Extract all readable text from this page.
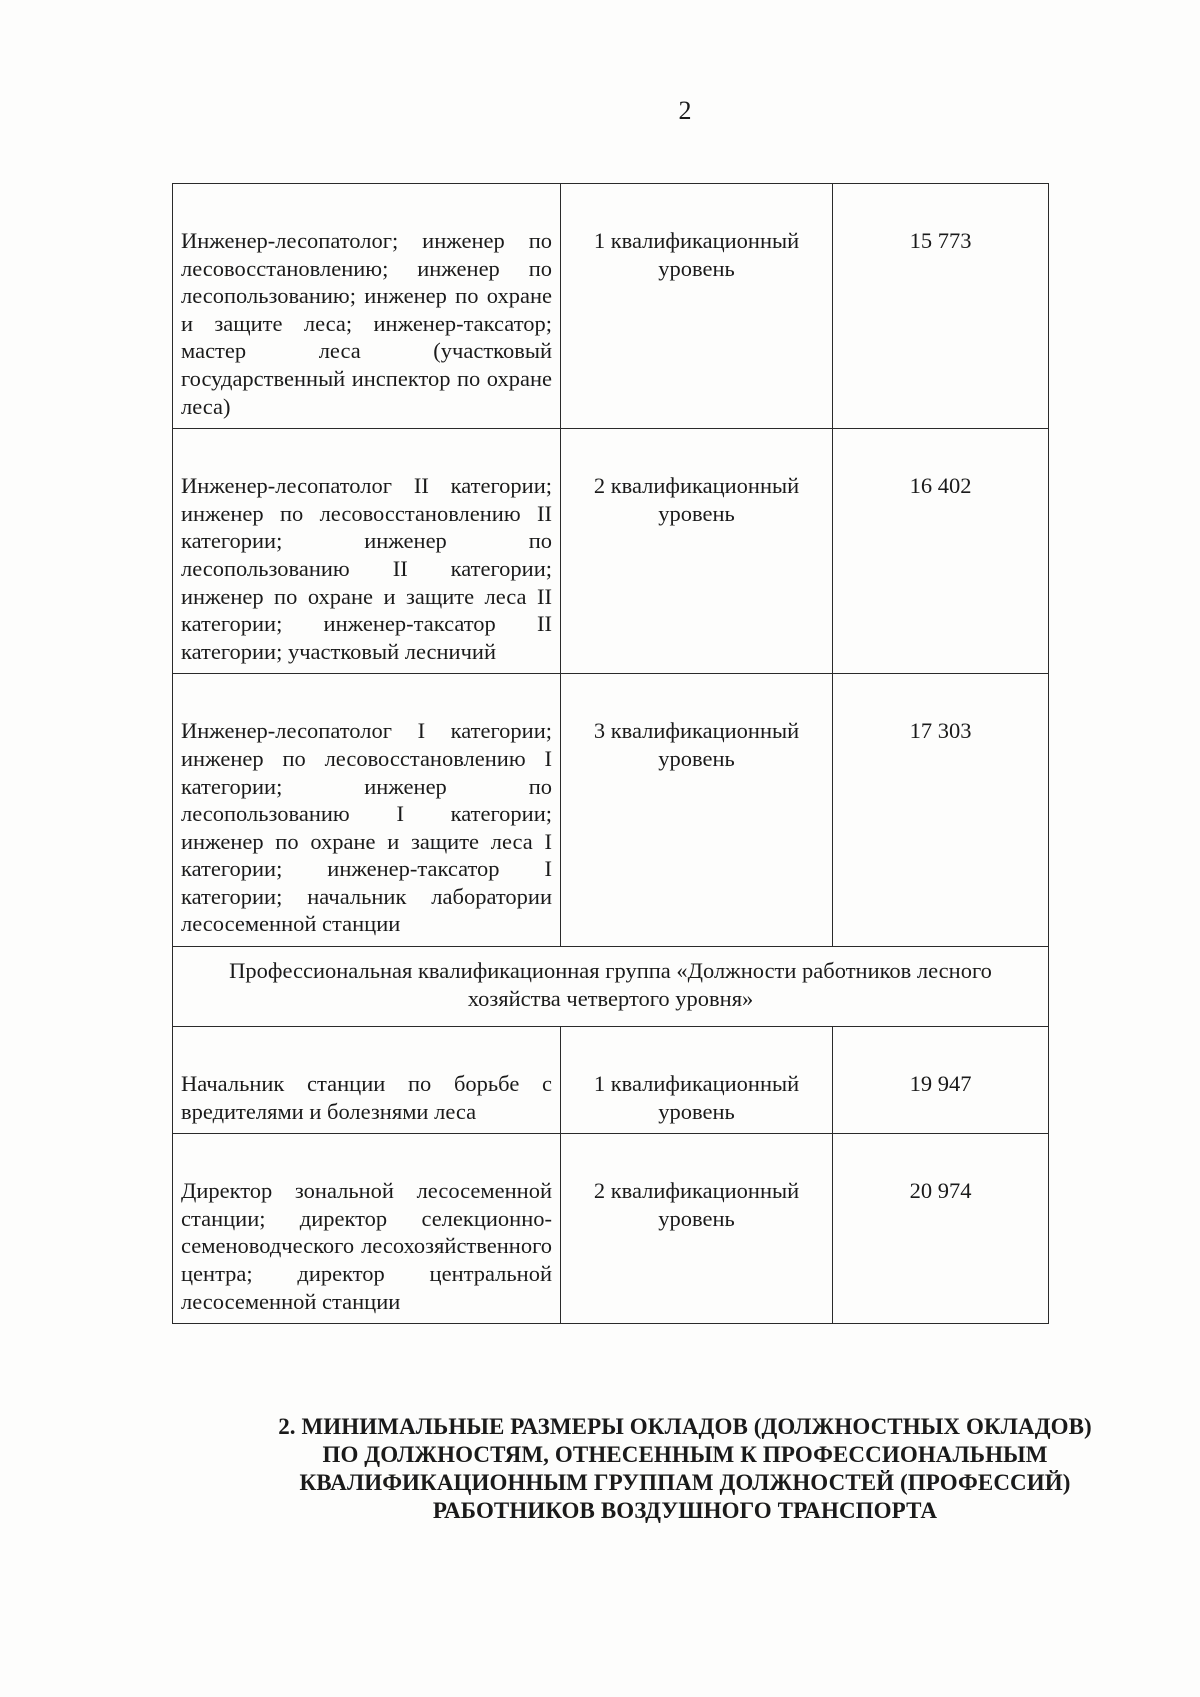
2
Инженер-лесопатолог; инженер по лесовосстановлению; инженер по лесопользованию; инженер по охране и защите леса; инженер-таксатор; мастер леса (участковый государственный инспектор по охране леса)	1 квалификационный уровень	15 773
Инженер-лесопатолог II категории; инженер по лесовосстановлению II категории; инженер по лесопользованию II категории; инженер по охране и защите леса II категории; инженер-таксатор II категории; участковый лесничий	2 квалификационный уровень	16 402
Инженер-лесопатолог I категории; инженер по лесовосстановлению I категории; инженер по лесопользованию I категории; инженер по охране и защите леса I категории; инженер-таксатор I категории; начальник лаборатории лесосеменной станции	3 квалификационный уровень	17 303
Профессиональная квалификационная группа «Должности работников лесного хозяйства четвертого уровня»		
Начальник станции по борьбе с вредителями и болезнями леса	1 квалификационный уровень	19 947
Директор зональной лесосеменной станции; директор селекционно-семеноводческого лесохозяйственного центра; директор центральной лесосеменной станции	2 квалификационный уровень	20 974
2. МИНИМАЛЬНЫЕ РАЗМЕРЫ ОКЛАДОВ (ДОЛЖНОСТНЫХ ОКЛАДОВ)
ПО ДОЛЖНОСТЯМ, ОТНЕСЕННЫМ К ПРОФЕССИОНАЛЬНЫМ
КВАЛИФИКАЦИОННЫМ ГРУППАМ ДОЛЖНОСТЕЙ (ПРОФЕССИЙ)
РАБОТНИКОВ ВОЗДУШНОГО ТРАНСПОРТА
